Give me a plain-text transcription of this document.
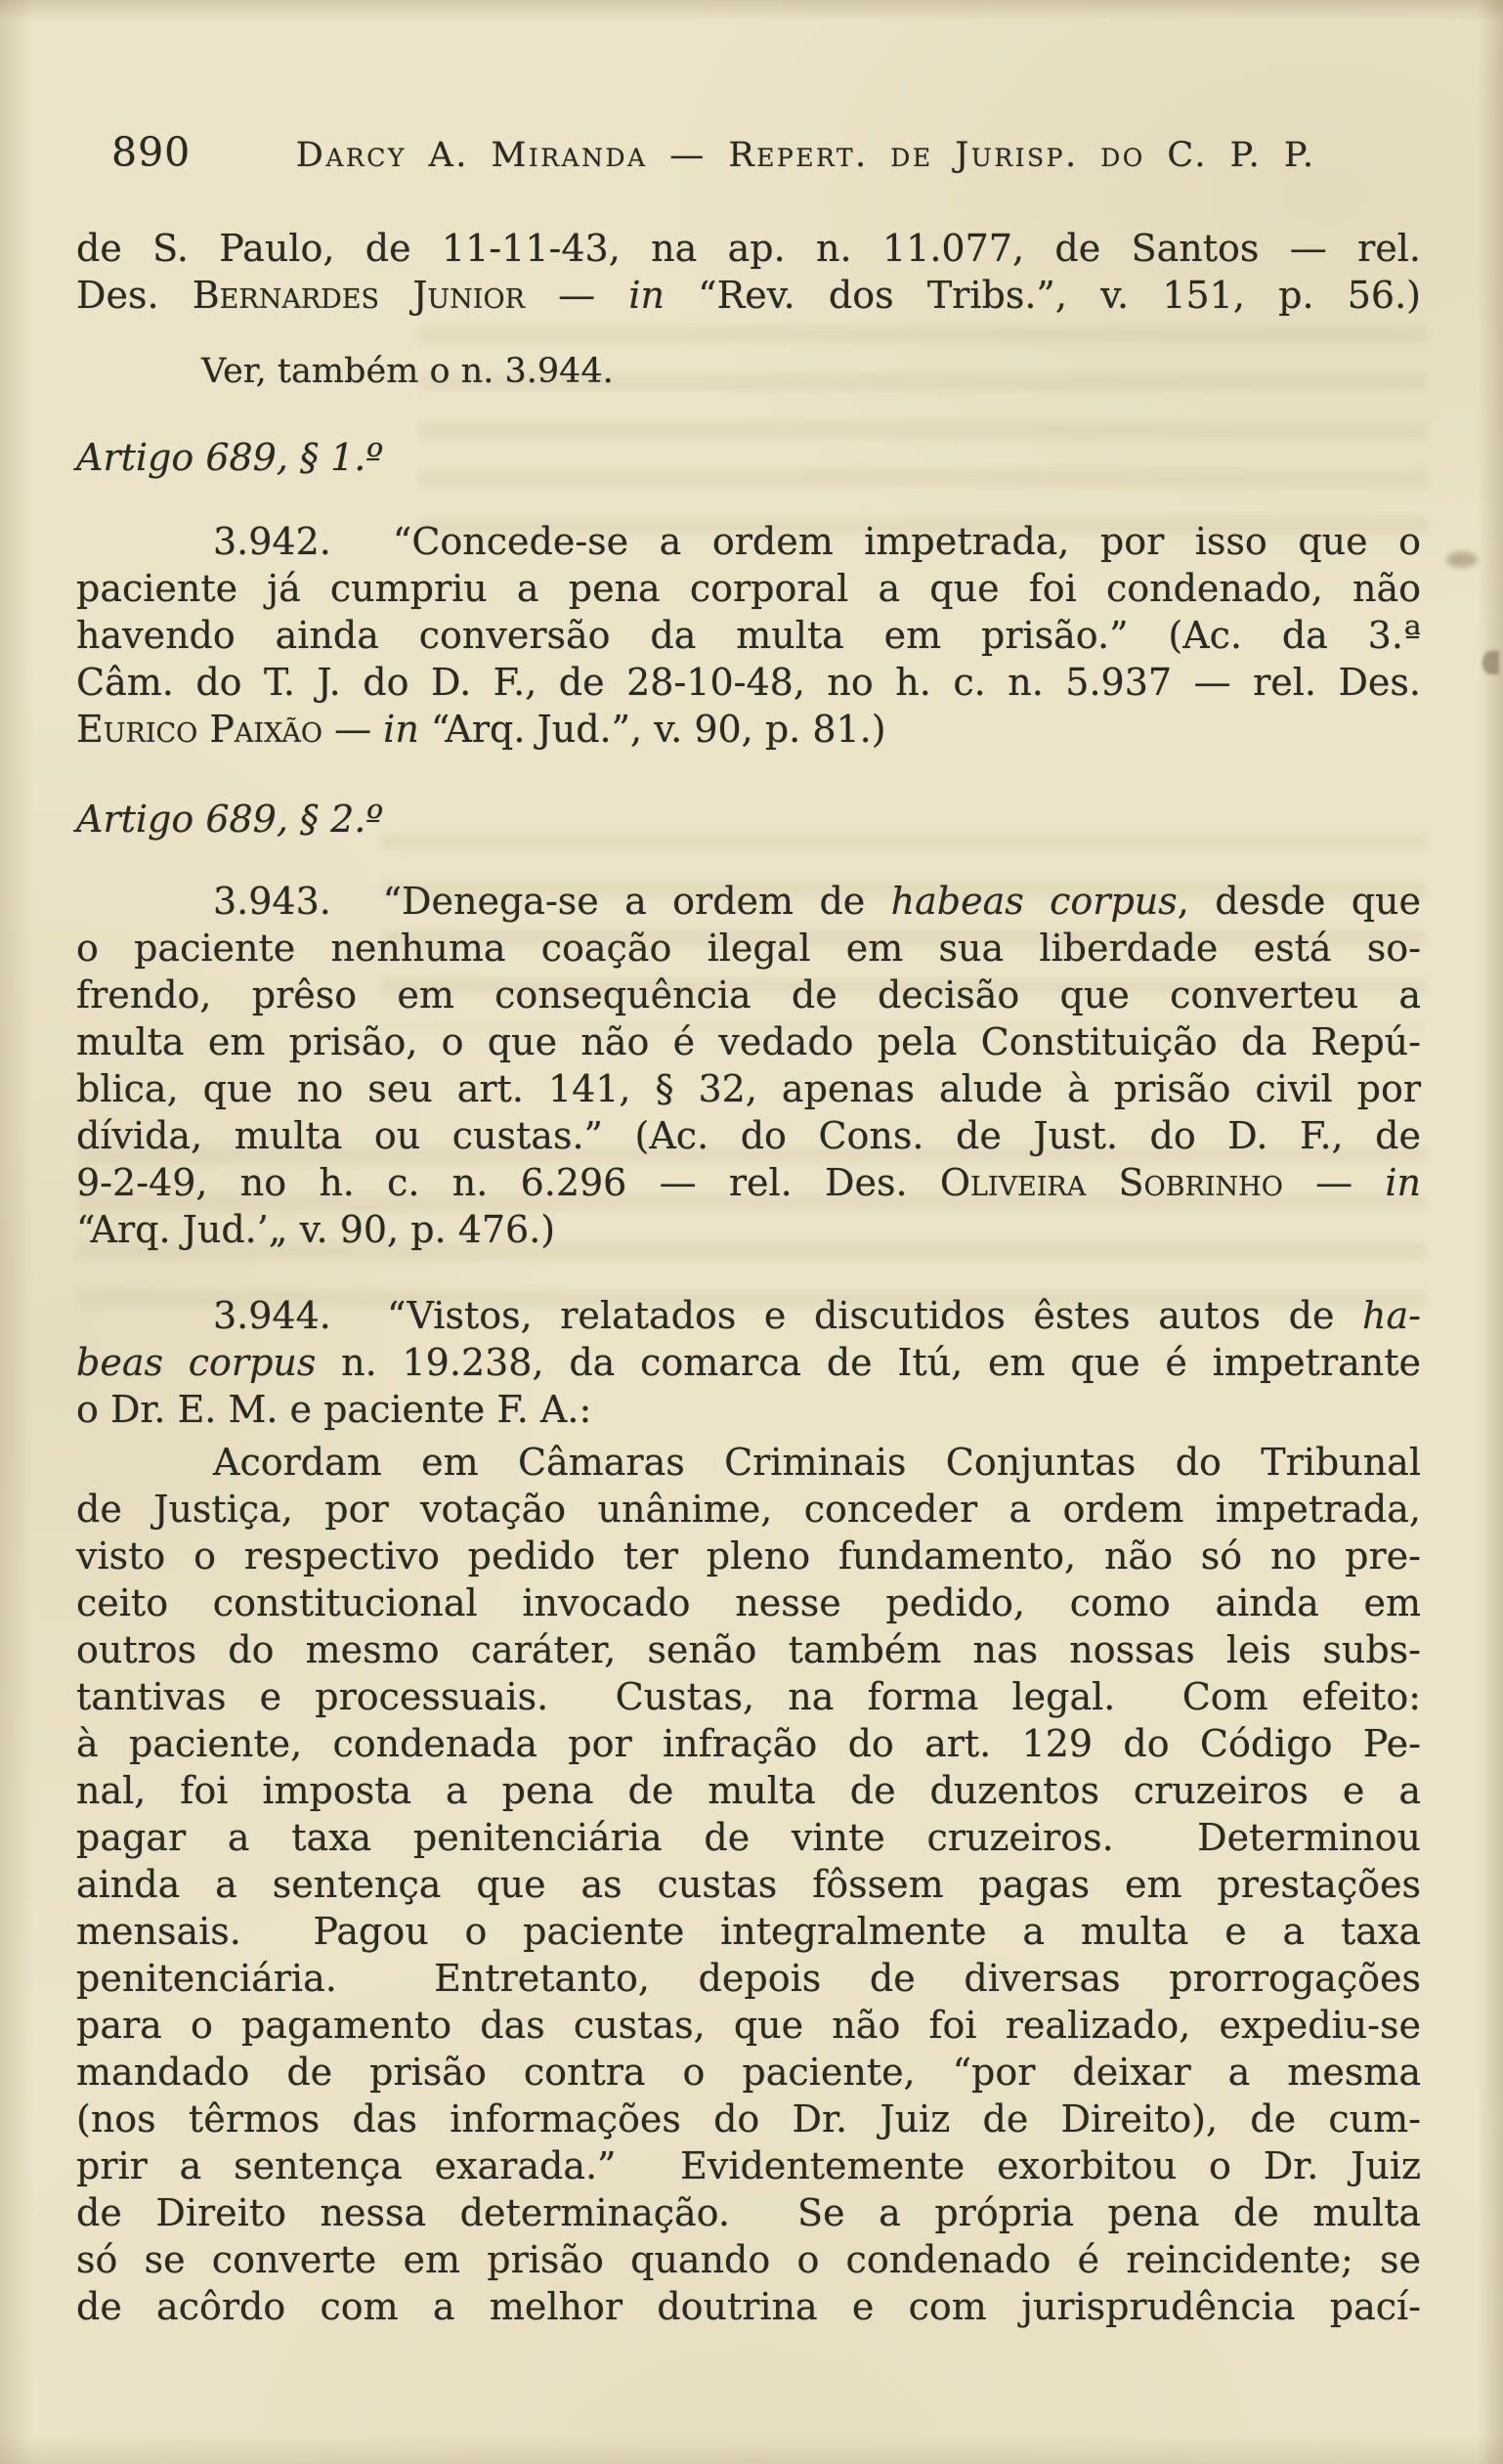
890	Darcy A. Miranda — Repert. de Jurisp. do C. P. P.
de S. Paulo, de 11-11-43, na ap. n. 11.077, de Santos — rel.
Des. Bernardes Junior — in “Rev. dos Tribs.”, v. 151, p. 56.)
Ver, também o n. 3.944.
Artigo 689, § 1.º
3.942.  “Concede-se a ordem impetrada, por isso que o
paciente já cumpriu a pena corporal a que foi condenado, não
havendo ainda conversão da multa em prisão.” (Ac. da 3.ª
Câm. do T. J. do D. F., de 28-10-48, no h. c. n. 5.937 — rel. Des.
Eurico Paixão — in “Arq. Jud.”, v. 90, p. 81.)
Artigo 689, § 2.º
3.943.  “Denega-se a ordem de habeas corpus, desde que
o paciente nenhuma coação ilegal em sua liberdade está so-
frendo, prêso em consequência de decisão que converteu a
multa em prisão, o que não é vedado pela Constituição da Repú-
blica, que no seu art. 141, § 32, apenas alude à prisão civil por
dívida, multa ou custas.” (Ac. do Cons. de Just. do D. F., de
9-2-49, no h. c. n. 6.296 — rel. Des. Oliveira Sobrinho — in
“Arq. Jud.’„ v. 90, p. 476.)
3.944.  “Vistos, relatados e discutidos êstes autos de ha-
beas corpus n. 19.238, da comarca de Itú, em que é impetrante
o Dr. E. M. e paciente F. A.:
Acordam em Câmaras Criminais Conjuntas do Tribunal
de Justiça, por votação unânime, conceder a ordem impetrada,
visto o respectivo pedido ter pleno fundamento, não só no pre-
ceito constitucional invocado nesse pedido, como ainda em
outros do mesmo caráter, senão também nas nossas leis subs-
tantivas e processuais.  Custas, na forma legal.  Com efeito:
à paciente, condenada por infração do art. 129 do Código Pe-
nal, foi imposta a pena de multa de duzentos cruzeiros e a
pagar a taxa penitenciária de vinte cruzeiros.  Determinou
ainda a sentença que as custas fôssem pagas em prestações
mensais.  Pagou o paciente integralmente a multa e a taxa
penitenciária.  Entretanto, depois de diversas prorrogações
para o pagamento das custas, que não foi realizado, expediu-se
mandado de prisão contra o paciente, “por deixar a mesma
(nos têrmos das informações do Dr. Juiz de Direito), de cum-
prir a sentença exarada.”  Evidentemente exorbitou o Dr. Juiz
de Direito nessa determinação.  Se a própria pena de multa
só se converte em prisão quando o condenado é reincidente; se
de acôrdo com a melhor doutrina e com jurisprudência pací-
